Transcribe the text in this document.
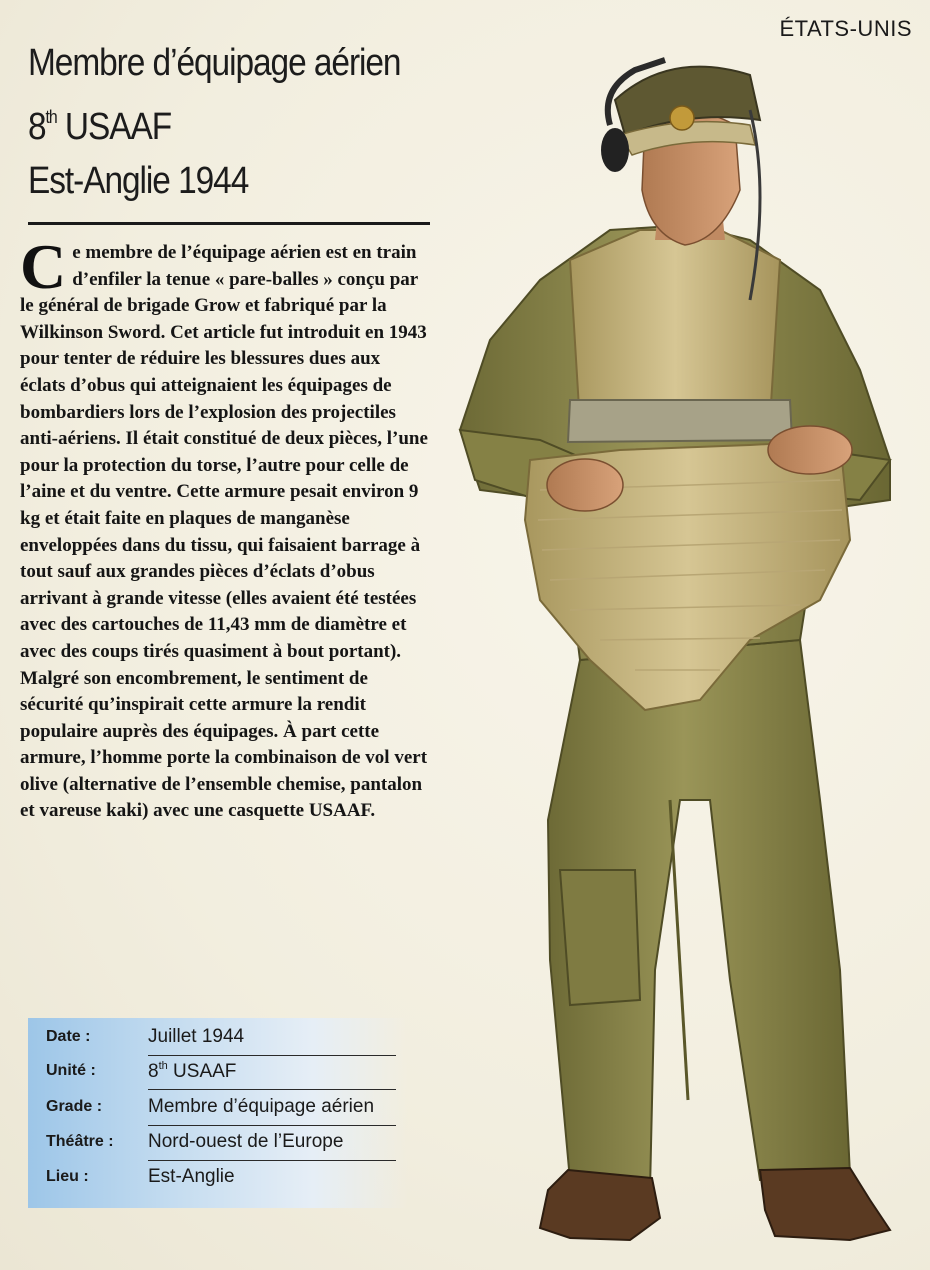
ÉTATS-UNIS
Membre d’équipage aérien
8th USAAF
Est-Anglie 1944
Ce membre de l’équipage aérien est en train d’enfiler la tenue « pare-balles » conçu par le général de brigade Grow et fabriqué par la Wilkinson Sword. Cet article fut introduit en 1943 pour tenter de réduire les blessures dues aux éclats d’obus qui atteignaient les équipages de bombardiers lors de l’explosion des projectiles anti-aériens. Il était constitué de deux pièces, l’une pour la protection du torse, l’autre pour celle de l’aine et du ventre. Cette armure pesait environ 9 kg et était faite en plaques de manganèse enveloppées dans du tissu, qui faisaient barrage à tout sauf aux grandes pièces d’éclats d’obus arrivant à grande vitesse (elles avaient été testées avec des cartouches de 11,43 mm de diamètre et avec des coups tirés quasiment à bout portant). Malgré son encombrement, le sentiment de sécurité qu’inspirait cette armure la rendit populaire auprès des équipages. À part cette armure, l’homme porte la combinaison de vol vert olive (alternative de l’ensemble chemise, pantalon et vareuse kaki) avec une casquette USAAF.
Date :	Juillet 1944
Unité :	8th USAAF
Grade : Membre d’équipage aérien
Théâtre : Nord-ouest de l’Europe
Lieu :	Est-Anglie
